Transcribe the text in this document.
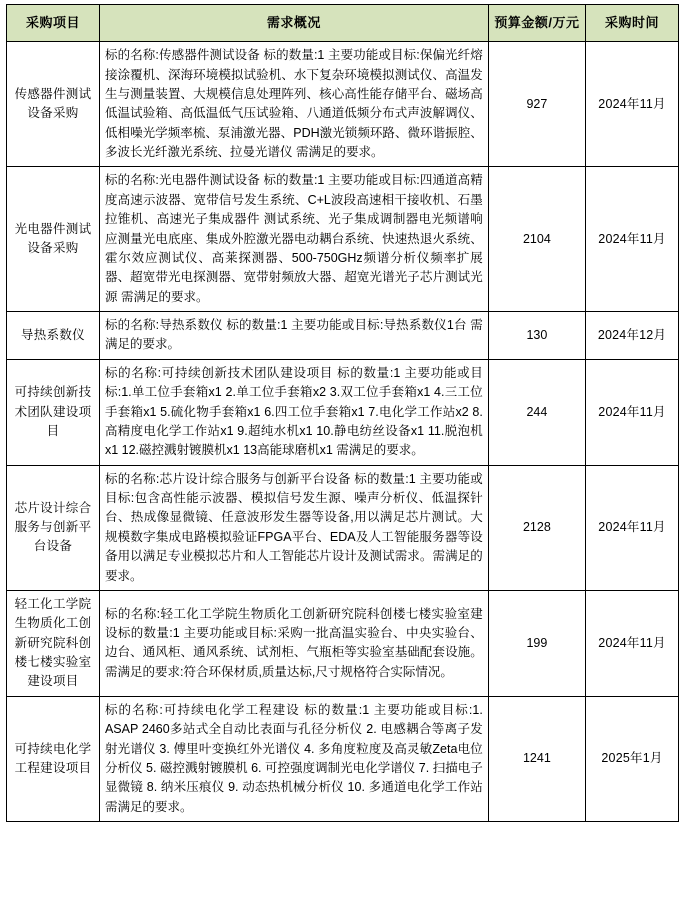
采购项目	需求概况	预算金额/万元	采购时间
传感器件测试设备采购	标的名称:传感器件测试设备 标的数量:1 主要功能或目标:保偏光纤熔接涂覆机、深海环境模拟试验机、水下复杂环境模拟测试仪、高温发生与测量装置、大规模信息处理阵列、核心高性能存储平台、磁场高低温试验箱、高低温低气压试验箱、八通道低频分布式声波解调仪、低相噪光学频率梳、泵浦激光器、PDH激光锁频环路、微环谐振腔、多波长光纤激光系统、拉曼光谱仪 需满足的要求。	927	2024年11月
光电器件测试设备采购	标的名称:光电器件测试设备 标的数量:1 主要功能或目标:四通道高精度高速示波器、宽带信号发生系统、C+L波段高速相干接收机、石墨拉锥机、高速光子集成器件 测试系统、光子集成调制器电光频谱响应测量光电底座、集成外腔激光器电动耦台系统、快速热退火系统、霍尔效应测试仪、高莱探测器、500-750GHz频谱分析仪频率扩展器、超宽带光电探测器、宽带射频放大器、超宽光谱光子芯片测试光源 需满足的要求。	2104	2024年11月
导热系数仪	标的名称:导热系数仪 标的数量:1 主要功能或目标:导热系数仪1台 需满足的要求。	130	2024年12月
可持续创新技术团队建设项目	标的名称:可持续创新技术团队建设项目 标的数量:1 主要功能或目标:1.单工位手套箱x1 2.单工位手套箱x2 3.双工位手套箱x1 4.三工位手套箱x1 5.硫化物手套箱x1 6.四工位手套箱x1 7.电化学工作站x2 8.高精度电化学工作站x1 9.超纯水机x1 10.静电纺丝设备x1 11.脱泡机x1 12.磁控溅射镀膜机x1 13高能球磨机x1 需满足的要求。	244	2024年11月
芯片设计综合服务与创新平台设备	标的名称:芯片设计综合服务与创新平台设备 标的数量:1 主要功能或目标:包含高性能示波器、模拟信号发生源、噪声分析仪、低温探针台、热成像显微镜、任意波形发生器等设备,用以满足芯片测试。大规模数字集成电路模拟验证FPGA平台、EDA及人工智能服务器等设备用以满足专业模拟芯片和人工智能芯片设计及测试需求。需满足的要求。	2128	2024年11月
轻工化工学院生物质化工创新研究院科创楼七楼实验室建设项目	标的名称:轻工化工学院生物质化工创新研究院科创楼七楼实验室建设标的数量:1 主要功能或目标:采购一批高温实验台、中央实验台、边台、通风柜、通风系统、试剂柜、气瓶柜等实验室基础配套设施。需满足的要求:符合环保材质,质量达标,尺寸规格符合实际情况。	199	2024年11月
可持续电化学工程建设项目	标的名称:可持续电化学工程建设 标的数量:1 主要功能或目标:1. ASAP 2460多站式全自动比表面与孔径分析仪 2. 电感耦合等离子发射光谱仪 3. 傅里叶变换红外光谱仪 4. 多角度粒度及高灵敏Zeta电位分析仪 5. 磁控溅射镀膜机 6. 可控强度调制光电化学谱仪 7. 扫描电子显微镜 8. 纳米压痕仪 9. 动态热机械分析仪 10. 多通道电化学工作站 需满足的要求。	1241	2025年1月
